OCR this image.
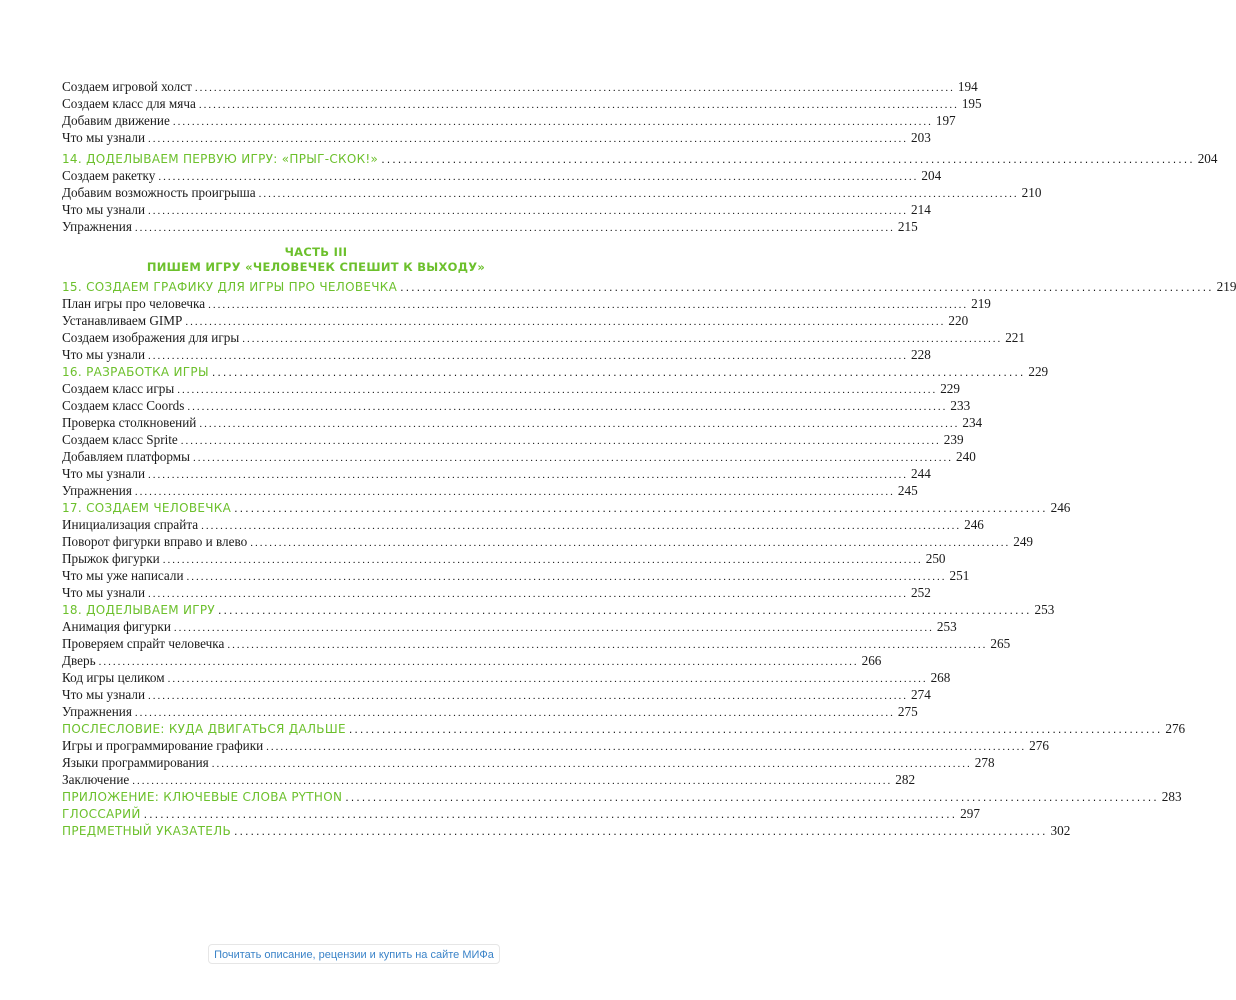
Создаем игровой холст ................................................................................................................................................................ 194
Создаем класс для мяча ................................................................................................................................................................ 195
Добавим движение ................................................................................................................................................................ 197
Что мы узнали ................................................................................................................................................................ 203
14. ДОДЕЛЫВАЕМ ПЕРВУЮ ИГРУ: «ПРЫГ-СКОК!» .................................................................................................................................................... 204
Создаем ракетку ................................................................................................................................................................ 204
Добавим возможность проигрыша ................................................................................................................................................................ 210
Что мы узнали ................................................................................................................................................................ 214
Упражнения ................................................................................................................................................................ 215
ЧАСТЬ III
ПИШЕМ ИГРУ «ЧЕЛОВЕЧЕК СПЕШИТ К ВЫХОДУ»
15. СОЗДАЕМ ГРАФИКУ ДЛЯ ИГРЫ ПРО ЧЕЛОВЕЧКА .................................................................................................................................................... 219
План игры про человечка ................................................................................................................................................................ 219
Устанавливаем GIMP ................................................................................................................................................................ 220
Создаем изображения для игры ................................................................................................................................................................ 221
Что мы узнали ................................................................................................................................................................ 228
16. РАЗРАБОТКА ИГРЫ .................................................................................................................................................... 229
Создаем класс игры ................................................................................................................................................................ 229
Создаем класс Coords ................................................................................................................................................................ 233
Проверка столкновений ................................................................................................................................................................ 234
Создаем класс Sprite ................................................................................................................................................................ 239
Добавляем платформы ................................................................................................................................................................ 240
Что мы узнали ................................................................................................................................................................ 244
Упражнения ................................................................................................................................................................ 245
17. СОЗДАЕМ ЧЕЛОВЕЧКА .................................................................................................................................................... 246
Инициализация спрайта ................................................................................................................................................................ 246
Поворот фигурки вправо и влево ................................................................................................................................................................ 249
Прыжок фигурки ................................................................................................................................................................ 250
Что мы уже написали ................................................................................................................................................................ 251
Что мы узнали ................................................................................................................................................................ 252
18. ДОДЕЛЫВАЕМ ИГРУ .................................................................................................................................................... 253
Анимация фигурки ................................................................................................................................................................ 253
Проверяем спрайт человечка ................................................................................................................................................................ 265
Дверь ................................................................................................................................................................ 266
Код игры целиком ................................................................................................................................................................ 268
Что мы узнали ................................................................................................................................................................ 274
Упражнения ................................................................................................................................................................ 275
ПОСЛЕСЛОВИЕ: КУДА ДВИГАТЬСЯ ДАЛЬШЕ .................................................................................................................................................... 276
Игры и программирование графики ................................................................................................................................................................ 276
Языки программирования ................................................................................................................................................................ 278
Заключение ................................................................................................................................................................ 282
ПРИЛОЖЕНИЕ: КЛЮЧЕВЫЕ СЛОВА PYTHON .................................................................................................................................................... 283
ГЛОССАРИЙ .................................................................................................................................................... 297
ПРЕДМЕТНЫЙ УКАЗАТЕЛЬ .................................................................................................................................................... 302
Почитать описание, рецензии и купить на сайте МИФа
